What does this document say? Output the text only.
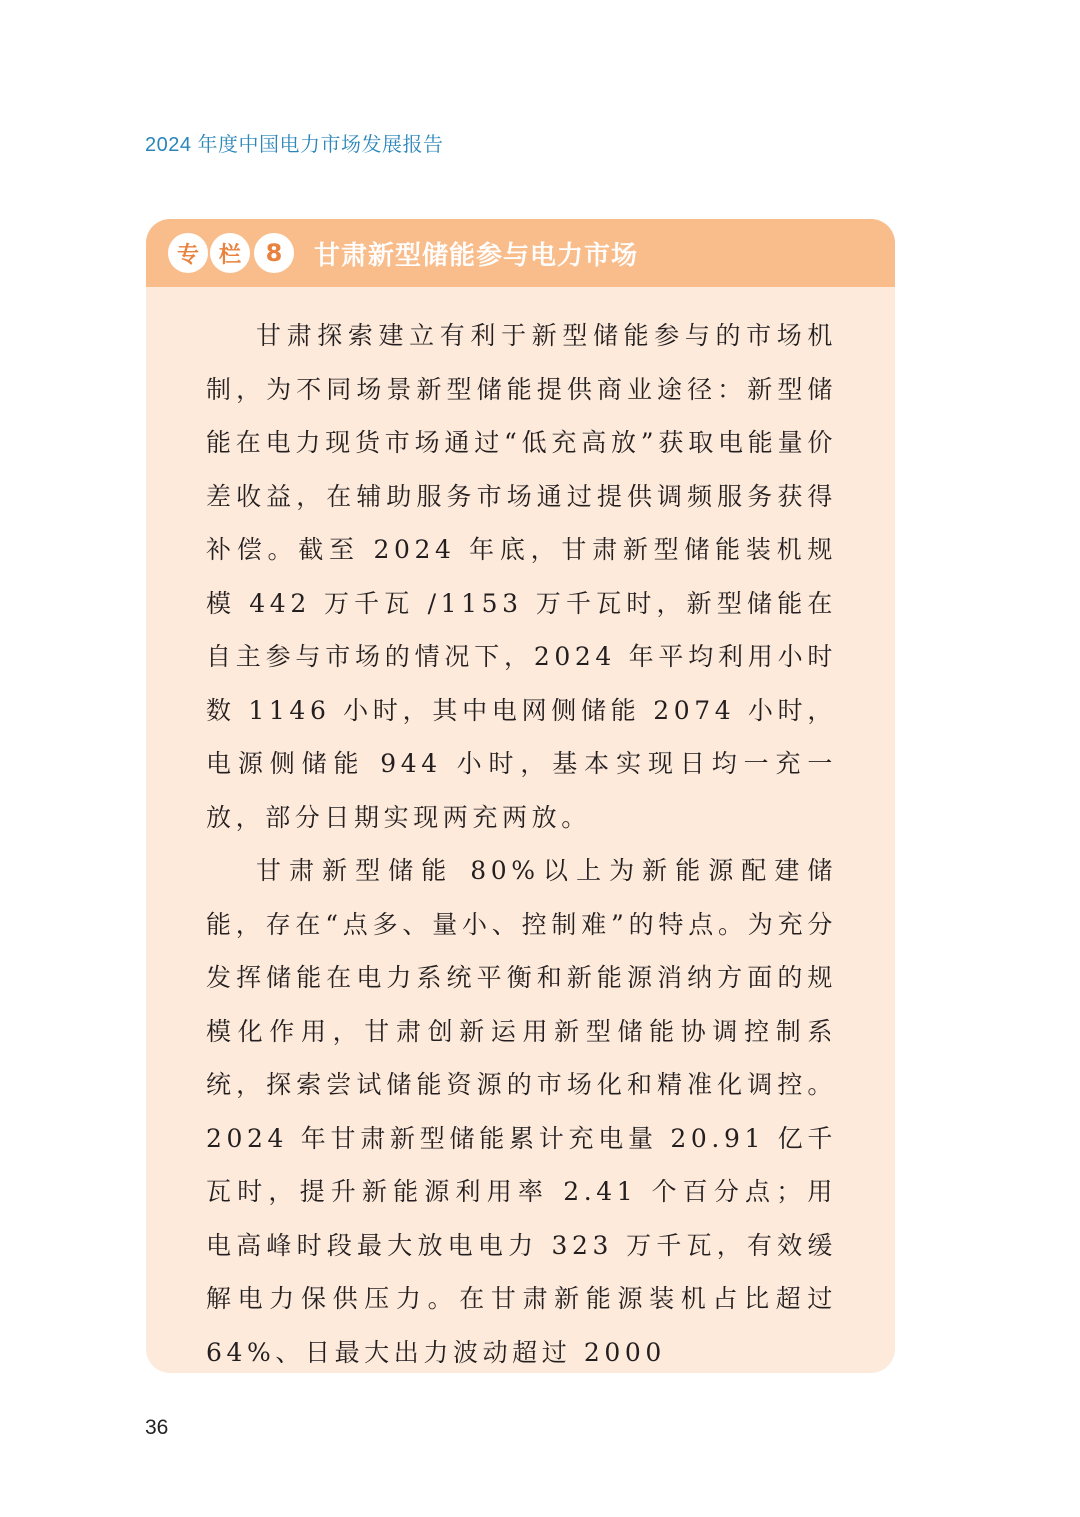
2024 年度中国电力市场发展报告
专 栏	8	甘肃新型储能参与电力市场

甘肃探索建立有利于新型储能参与的市场机制，为不同场景新型储能提供商业途径：新型储能在电力现货市场通过“低充高放”获取电能量价差收益，在辅助服务市场通过提供调频服务获得补偿。截至 2024 年底，甘肃新型储能装机规模 442 万千瓦 /1153 万千瓦时，新型储能在自主参与市场的情况下，2024 年平均利用小时数 1146 小时，其中电网侧储能 2074 小时，电源侧储能 944 小时，基本实现日均一充一放，部分日期实现两充两放。

甘肃新型储能 80%以上为新能源配建储能，存在“点多、量小、控制难”的特点。为充分发挥储能在电力系统平衡和新能源消纳方面的规模化作用，甘肃创新运用新型储能协调控制系统，探索尝试储能资源的市场化和精准化调控。2024 年甘肃新型储能累计充电量 20.91 亿千瓦时，提升新能源利用率 2.41 个百分点；用电高峰时段最大放电电力 323 万千瓦，有效缓解电力保供压力。在甘肃新能源装机占比超过 64%、日最大出力波动超过 2000

36
